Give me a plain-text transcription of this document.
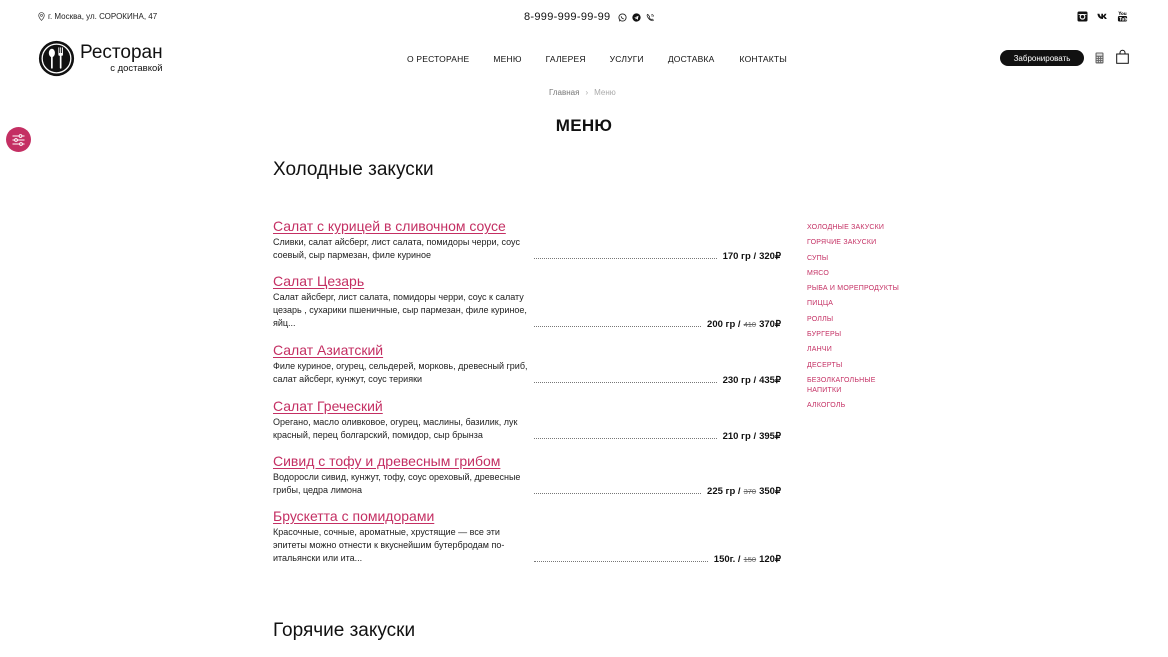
г. Москва, ул. СОРОКИНА, 47	8-999-999-99-99	You
Tube
Ресторан
с доставкой
О РЕСТОРАНЕ	МЕНЮ	ГАЛЕРЕЯ	УСЛУГИ	ДОСТАВКА	КОНТАКТЫ	Забронировать
Главная › Меню
МЕНЮ
Холодные закуски
Салат с курицей в сливочном соусе
Сливки, салат айсберг, лист салата, помидоры черри, соус соевый, сыр пармезан, филе куриное	170 гр / 320₽
Салат Цезарь
Салат айсберг, лист салата, помидоры черри, соус к салату цезарь , сухарики пшеничные, сыр пармезан, филе куриное, яйц...	200 гр / 410 370₽
Салат Азиатский
Филе куриное, огурец, сельдерей, морковь, древесный гриб, салат айсберг, кунжут, соус терияки	230 гр / 435₽
Салат Греческий
Орегано, масло оливковое, огурец, маслины, базилик, лук красный, перец болгарский, помидор, сыр брынза	210 гр / 395₽
Сивид с тофу и древесным грибом
Водоросли сивид, кунжут, тофу, соус ореховый, древесные грибы, цедра лимона	225 гр / 370 350₽
Брускетта с помидорами
Красочные, сочные, ароматные, хрустящие — все эти эпитеты можно отнести к вкуснейшим бутербродам по-итальянски или ита...	150г. / 150 120₽
ХОЛОДНЫЕ ЗАКУСКИ
ГОРЯЧИЕ ЗАКУСКИ
СУПЫ
МЯСО
РЫБА И МОРЕПРОДУКТЫ
ПИЦЦА
РОЛЛЫ
БУРГЕРЫ
ЛАНЧИ
ДЕСЕРТЫ
БЕЗОЛКАГОЛЬНЫЕ НАПИТКИ
АЛКОГОЛЬ
Горячие закуски
